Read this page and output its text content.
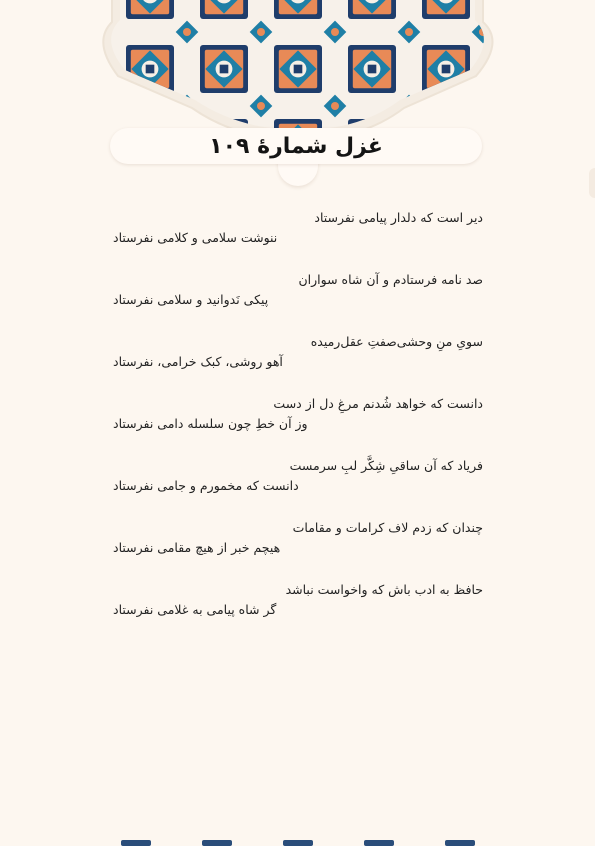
غزل شمارهٔ ۱۰۹
دیر است که دلدار پیامی نفرستاد
ننوشت سلامی و کلامی نفرستاد
صد نامه فرستادم و آن شاه سواران
پیکی نَدوانید و سلامی نفرستاد
سویِ منِ وحشی‌صفتِ عقل‌رمیده
آهو روشی، کبک خرامی، نفرستاد
دانست که خواهد شُدنم مرغِ دل از دست
وز آن خطِ چون سلسله دامی نفرستاد
فریاد که آن ساقیِ شِکَّر لبِ سرمست
دانست که مخمورم و جامی نفرستاد
چندان که زدم لاف کرامات و مقامات
هیچم خبر از هیچ مقامی نفرستاد
حافظ به ادب باش که واخواست نباشد
گر شاه پیامی به غلامی نفرستاد
